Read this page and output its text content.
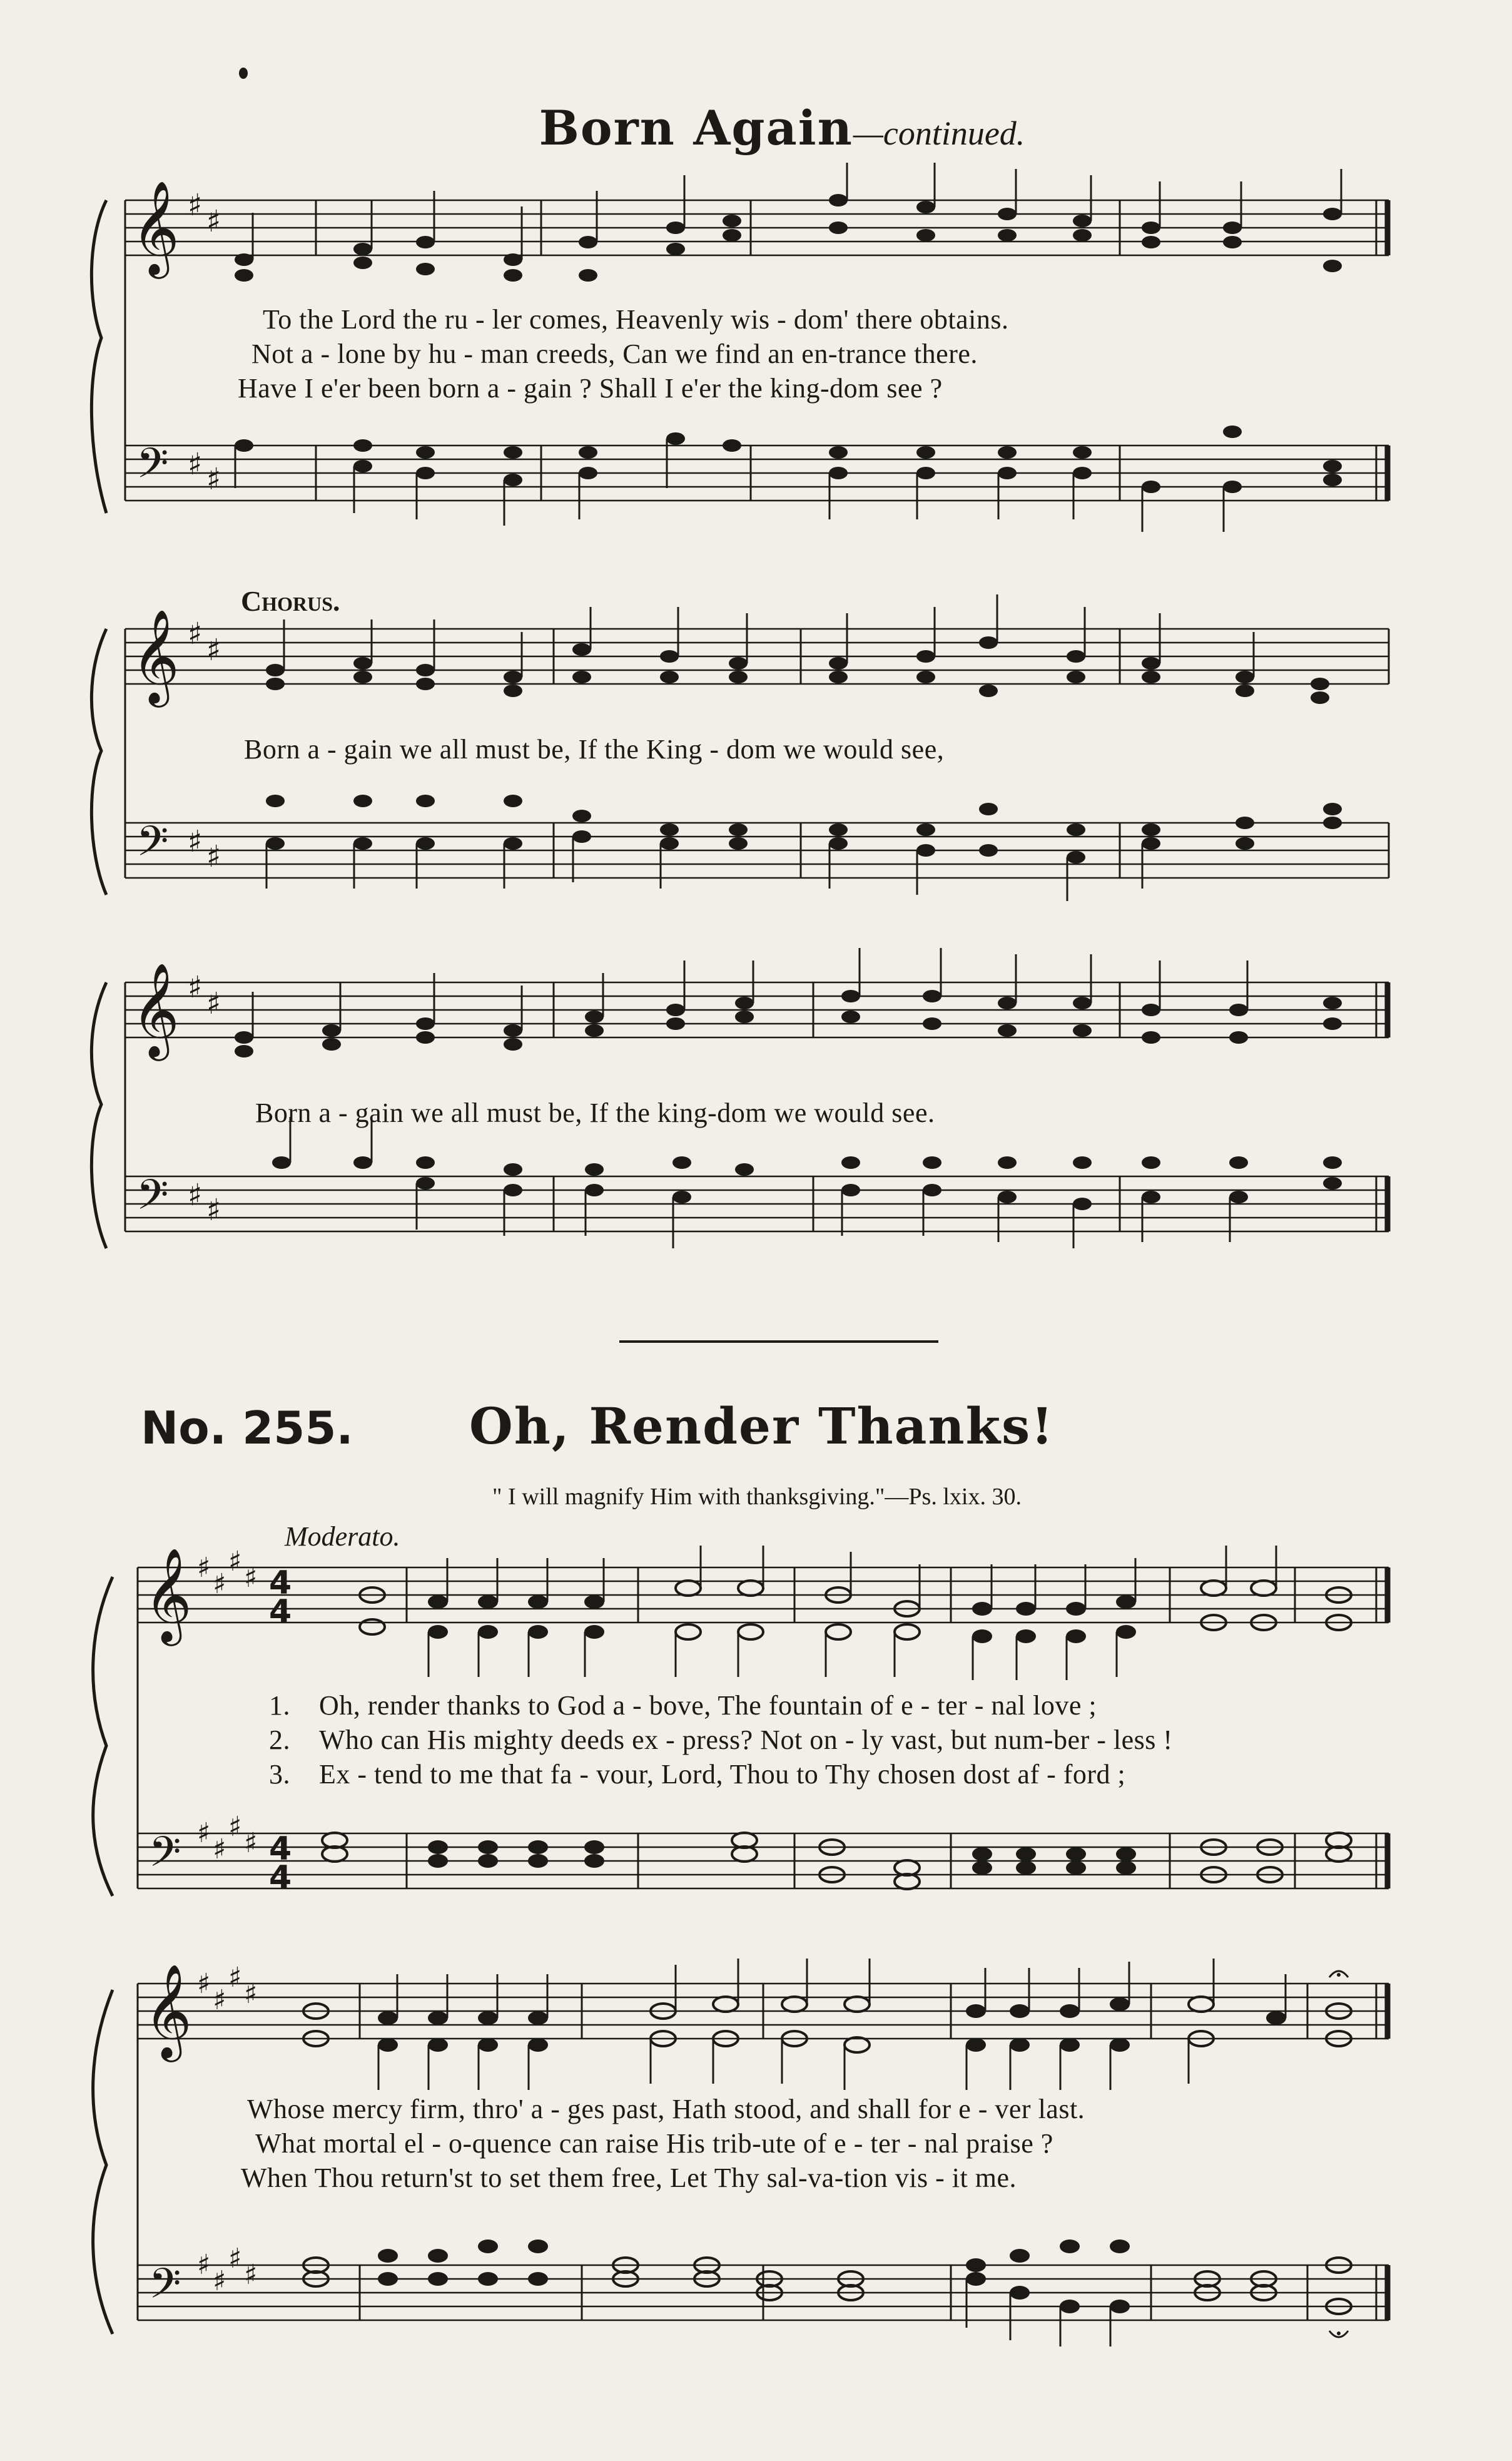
Born Again—continued.
𝄞
𝄢
♯ ♯
♯ ♯
To the Lord the ru - ler comes, Heavenly wis - dom' there obtains.
Not a - lone by hu - man creeds, Can we find an en-trance there.
Have I e'er been born a - gain ? Shall I e'er the king-dom see ?
Chorus.
𝄞
𝄢
♯ ♯
♯ ♯
Born a - gain we all must be, If the King - dom we would see,
𝄞
𝄢
♯ ♯
♯ ♯
Born a - gain we all must be, If the king-dom we would see.
No. 255. Oh, Render Thanks!
" I will magnify Him with thanksgiving."—Ps. lxix. 30.
Moderato.
𝄞
𝄢
♯
♯
♯
♯
♯
♯
♯
♯
4
4
4
4
1. Oh, render thanks to God a - bove, The fountain of e - ter - nal love ;
2. Who can His mighty deeds ex - press? Not on - ly vast, but num-ber - less !
3. Ex - tend to me that fa - vour, Lord, Thou to Thy chosen dost af - ford ;
𝄞
𝄢
♯
♯
♯
♯
♯
♯
♯
♯
Whose mercy firm, thro' a - ges past, Hath stood, and shall for e - ver last.
What mortal el - o-quence can raise His trib-ute of e - ter - nal praise ?
When Thou return'st to set them free, Let Thy sal-va-tion vis - it me.
